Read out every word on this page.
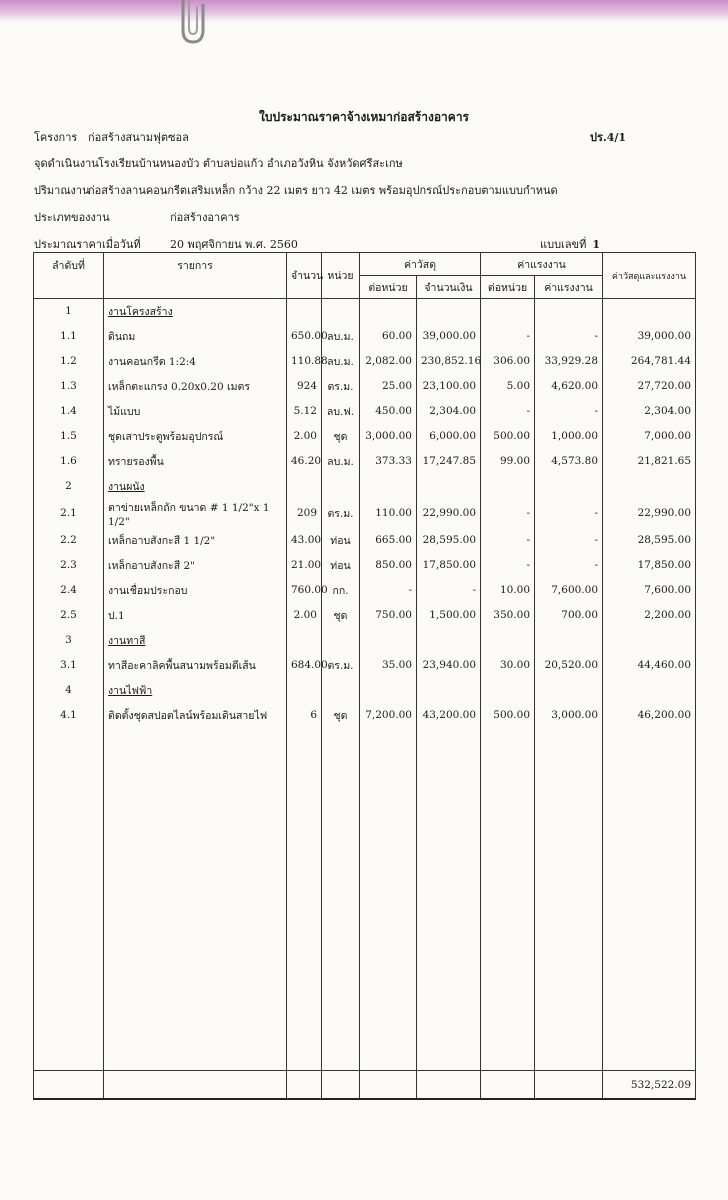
ใบประมาณราคาจ้างเหมาก่อสร้างอาคาร
โครงการ ก่อสร้างสนามฟุตซอล	ปร.4/1
จุดดำเนินงาน โรงเรียนบ้านหนองบัว ตำบลบ่อแก้ว อำเภอวังหิน จังหวัดศรีสะเกษ
ปริมาณงาน
ก่อสร้างลานคอนกรีตเสริมเหล็ก กว้าง 22 เมตร ยาว 42 เมตร พร้อมอุปกรณ์ประกอบตามแบบกำหนด
ประเภทของงาน	ก่อสร้างอาคาร
ประมาณราคาเมื่อวันที่	20 พฤศจิกายน พ.ศ. 2560	แบบเลขที่ 1
ลำดับที่	รายการ	จำนวน	หน่วย	ค่าวัสดุ		ค่าแรงงาน		ค่าวัสดุและแรงงาน
				ต่อหน่วย	จำนวนเงิน	ต่อหน่วย	ค่าแรงงาน	
1	งานโครงสร้าง							
1.1	ดินถม	650.00	ลบ.ม.	60.00	39,000.00	-	-	39,000.00
1.2	งานคอนกรีต 1:2:4	110.88	ลบ.ม.	2,082.00	230,852.16	306.00	33,929.28	264,781.44
1.3	เหล็กตะแกรง 0.20x0.20 เมตร	924	ตร.ม.	25.00	23,100.00	5.00	4,620.00	27,720.00
1.4	ไม้แบบ	5.12	ลบ.ฟ.	450.00	2,304.00	-	-	2,304.00
1.5	ชุดเสาประตูพร้อมอุปกรณ์	2.00	ชุด	3,000.00	6,000.00	500.00	1,000.00	7,000.00
1.6	ทรายรองพื้น	46.20	ลบ.ม.	373.33	17,247.85	99.00	4,573.80	21,821.65
2	งานผนัง							
2.1	ตาข่ายเหล็กถัก ขนาด # 1 1/2"x 1 1/2"	209	ตร.ม.	110.00	22,990.00	-	-	22,990.00
2.2	เหล็กอาบสังกะสี 1 1/2"	43.00	ท่อน	665.00	28,595.00	-	-	28,595.00
2.3	เหล็กอาบสังกะสี 2"	21.00	ท่อน	850.00	17,850.00	-	-	17,850.00
2.4	งานเชื่อมประกอบ	760.00	กก.	-	-	10.00	7,600.00	7,600.00
2.5	ป.1	2.00	ชุด	750.00	1,500.00	350.00	700.00	2,200.00
3	งานทาสี							
3.1	ทาสีอะคาลิคพื้นสนามพร้อมตีเส้น	684.00	ตร.ม.	35.00	23,940.00	30.00	20,520.00	44,460.00
4	งานไฟฟ้า							
4.1	ติดตั้งชุดสปอตไลน์พร้อมเดินสายไฟ	6	ชุด	7,200.00	43,200.00	500.00	3,000.00	46,200.00

								532,522.09
